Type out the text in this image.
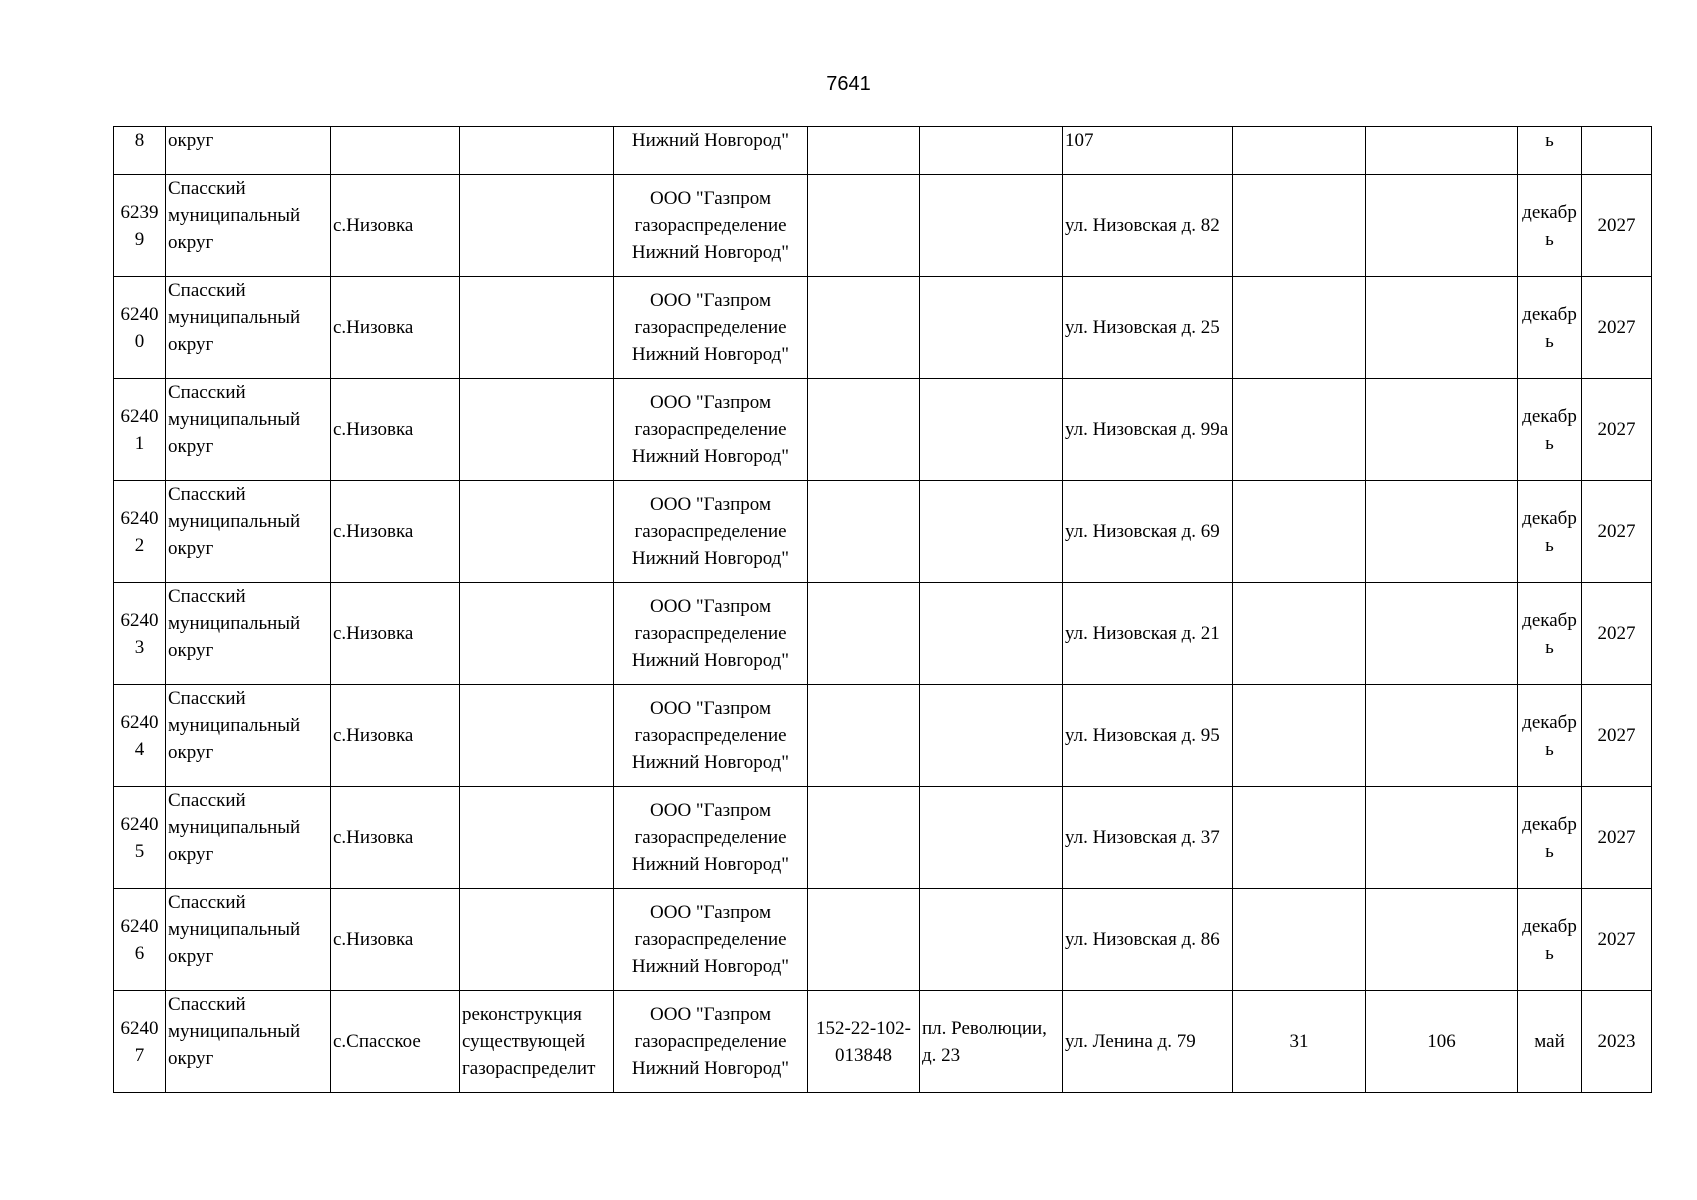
7641
8	округ			Нижний Новгород"			107			ь	
6239 9	Спасский муниципальный округ	с.Низовка		ООО "Газпром газораспределение Нижний Новгород"			ул. Низовская д. 82			декабр ь	2027
6240 0	Спасский муниципальный округ	с.Низовка		ООО "Газпром газораспределение Нижний Новгород"			ул. Низовская д. 25			декабр ь	2027
6240 1	Спасский муниципальный округ	с.Низовка		ООО "Газпром газораспределение Нижний Новгород"			ул. Низовская д. 99а			декабр ь	2027
6240 2	Спасский муниципальный округ	с.Низовка		ООО "Газпром газораспределение Нижний Новгород"			ул. Низовская д. 69			декабр ь	2027
6240 3	Спасский муниципальный округ	с.Низовка		ООО "Газпром газораспределение Нижний Новгород"			ул. Низовская д. 21			декабр ь	2027
6240 4	Спасский муниципальный округ	с.Низовка		ООО "Газпром газораспределение Нижний Новгород"			ул. Низовская д. 95			декабр ь	2027
6240 5	Спасский муниципальный округ	с.Низовка		ООО "Газпром газораспределение Нижний Новгород"			ул. Низовская д. 37			декабр ь	2027
6240 6	Спасский муниципальный округ	с.Низовка		ООО "Газпром газораспределение Нижний Новгород"			ул. Низовская д. 86			декабр ь	2027
6240 7	Спасский муниципальный округ	с.Спасское	реконструкция существующей газораспределит	ООО "Газпром газораспределение Нижний Новгород"	152-22-102-013848	пл. Революции, д. 23	ул. Ленина д. 79	31	106	май	2023
